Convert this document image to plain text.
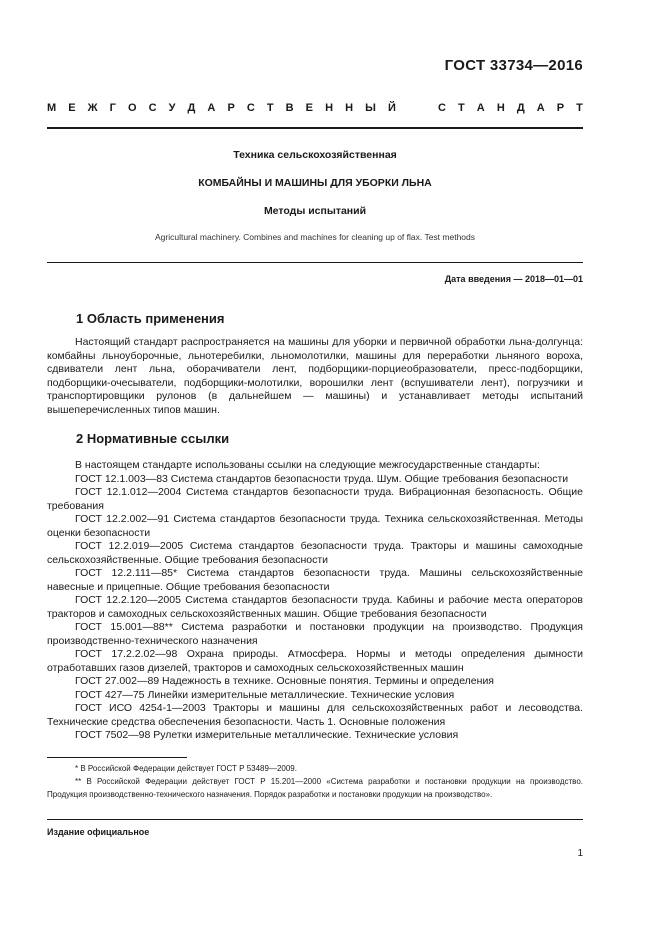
ГОСТ 33734—2016
М Е Ж Г О С У Д А Р С Т В Е Н Н Ы Й	С Т А Н Д А Р Т
Техника сельскохозяйственная
КОМБАЙНЫ И МАШИНЫ ДЛЯ УБОРКИ ЛЬНА
Методы испытаний
Agricultural machinery. Combines and machines for cleaning up of flax. Test methods
Дата введения — 2018—01—01
1 Область применения
Настоящий стандарт распространяется на машины для уборки и первичной обработки льна-долгунца: комбайны льноуборочные, льнотеребилки, льномолотилки, машины для переработки льняного вороха, сдвиватели лент льна, оборачиватели лент, подборщики-порциеобразователи, пресс-подборщики, подборщики-очесыватели, подборщики-молотилки, ворошилки лент (вспушиватели лент), погрузчики и транспортировщики рулонов (в дальнейшем — машины) и устанавливает методы испытаний вышеперечисленных типов машин.
2 Нормативные ссылки
В настоящем стандарте использованы ссылки на следующие межгосударственные стандарты:
ГОСТ 12.1.003—83 Система стандартов безопасности труда. Шум. Общие требования безопасности
ГОСТ 12.1.012—2004 Система стандартов безопасности труда. Вибрационная безопасность. Общие требования
ГОСТ 12.2.002—91 Система стандартов безопасности труда. Техника сельскохозяйственная. Методы оценки безопасности
ГОСТ 12.2.019—2005 Система стандартов безопасности труда. Тракторы и машины самоходные сельскохозяйственные. Общие требования безопасности
ГОСТ 12.2.111—85* Система стандартов безопасности труда. Машины сельскохозяйственные навесные и прицепные. Общие требования безопасности
ГОСТ 12.2.120—2005 Система стандартов безопасности труда. Кабины и рабочие места операторов тракторов и самоходных сельскохозяйственных машин. Общие требования безопасности
ГОСТ 15.001—88** Система разработки и постановки продукции на производство. Продукция производственно-технического назначения
ГОСТ 17.2.2.02—98 Охрана природы. Атмосфера. Нормы и методы определения дымности отработавших газов дизелей, тракторов и самоходных сельскохозяйственных машин
ГОСТ 27.002—89 Надежность в технике. Основные понятия. Термины и определения
ГОСТ 427—75 Линейки измерительные металлические. Технические условия
ГОСТ ИСО 4254-1—2003 Тракторы и машины для сельскохозяйственных работ и лесоводства. Технические средства обеспечения безопасности. Часть 1. Основные положения
ГОСТ 7502—98 Рулетки измерительные металлические. Технические условия
* В Российской Федерации действует ГОСТ Р 53489—2009.
** В Российской Федерации действует ГОСТ Р 15.201—2000 «Система разработки и постановки продукции на производство. Продукция производственно-технического назначения. Порядок разработки и постановки продукции на производство».
Издание официальное
1
